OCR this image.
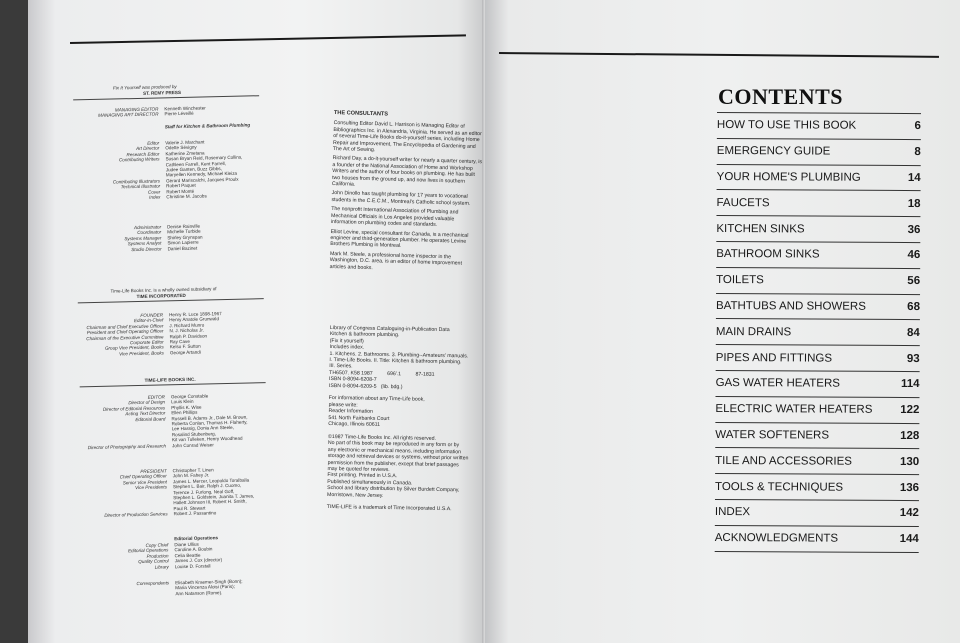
Fix It Yourself was produced by
ST. REMY PRESS
MANAGING EDITOR	Kenneth Winchester
MANAGING ART DIRECTOR	Pierre Léveillé
Staff for Kitchen & Bathroom Plumbing
Editor	Valerie J. Marchant
Art Director	Odette Sévigny
Research Editor	Katherine Zmetana
Contributing Writers	Susan Bryan Reid, Rosemary Collins,
Cathleen Farrell, Kent Farrell,
Judee Ganten, Buzz Gibbs,
Maryellen Kennedy, Michael Kleiza
Contributing Illustrators	Gérard Mariscalchi, Jacques Proulx
Technical Illustrator	Robert Paquet
Cover	Robert Monté
Index	Christine M. Jacobs
Administrator	Denise Rainville
Coordinator	Michelle Turbide
Systems Manager	Shirley Grynspan
Systems Analyst	Simon Lapierre
Studio Director	Daniel Bazinet
Time-Life Books Inc. is a wholly owned subsidiary of
TIME INCORPORATED
FOUNDER	Henry R. Luce 1898-1967
Editor-in-Chief	Henry Anatole Grunwald
Chairman and Chief Executive Officer	J. Richard Munro
President and Chief Operating Officer	N. J. Nicholas Jr.
Chairman of the Executive Committee	Ralph P. Davidson
Corporate Editor	Ray Cave
Group Vice President, Books	Kelso F. Sutton
Vice President, Books	George Artandi
TIME-LIFE BOOKS INC.
EDITOR	George Constable
Director of Design	Louis Klein
Director of Editorial Resources	Phyllis K. Wise
Acting Text Director	Ellen Phillips
Editorial Board	Russell B. Adams Jr., Dale M. Brown,
Roberta Conlan, Thomas H. Flaherty,
Lee Hassig, Donia Ann Steele,
Rosalind Stubenberg,
Kit van Tulleken, Henry Woodhead
Director of Photography and Research	John Conrad Weiser
PRESIDENT	Christopher T. Linen
Chief Operating Officer	John M. Fahey Jr.
Senior Vice President	James L. Mercer, Leopoldo Toralballa
Vice Presidents	Stephen L. Bair, Ralph J. Cuomo,
Terence J. Furlong, Neal Goff,
Stephen L. Goldstein, Juanita T. James,
Hallett Johnson III, Robert H. Smith,
Paul R. Stewart
Director of Production Services	Robert J. Passantino
Editorial Operations
Copy Chief	Diane Ullius
Editorial Operations	Caroline A. Boubin
Production	Celia Beattie
Quality Control	James J. Cox (director)
Library	Louise D. Forstall
Correspondents	Elisabeth Kraemer-Singh (Bonn);
Maria Vincenza Aloisi (Paris);
Ann Natanson (Rome).

THE CONSULTANTS

Consulting Editor David L. Harrison is Managing Editor of Bibliographics Inc. in Alexandria, Virginia. He served as an editor of several Time-Life Books do-it-yourself series, including Home Repair and Improvement, The Encyclopedia of Gardening and The Art of Sewing.

Richard Day, a do-it-yourself writer for nearly a quarter century, is a founder of the National Association of Home and Workshop Writers and the author of four books on plumbing. He has built two houses from the ground up, and now lives in southern California.

John Dinollo has taught plumbing for 17 years to vocational students in the C.E.C.M., Montreal's Catholic school system.

The nonprofit International Association of Plumbing and Mechanical Officials in Los Angeles provided valuable information on plumbing codes and standards.

Elliot Levine, special consultant for Canada, is a mechanical engineer and third-generation plumber. He operates Levine Brothers Plumbing in Montreal.

Mark M. Steele, a professional home inspector in the Washington, D.C. area, is an editor of home improvement articles and books.

Library of Congress Cataloguing-in-Publication Data
Kitchen & bathroom plumbing.
(Fix it yourself)
Includes index.
1. Kitchens. 2. Bathrooms. 3. Plumbing--Amateurs' manuals.
I. Time-Life Books. II. Title: Kitchen & bathroom plumbing.
III. Series.
TH6507. K58 1987          696'.1          87-1831
ISBN 0-8094-6208-7
ISBN 0-8094-6209-5   (lib. bdg.)
For information about any Time-Life book,
please write:
Reader Information
541 North Fairbanks Court
Chicago, Illinois 60611
©1987 Time-Life Books Inc. All rights reserved.
No part of this book may be reproduced in any form or by
any electronic or mechanical means, including information
storage and retrieval devices or systems, without prior written
permission from the publisher, except that brief passages
may be quoted for reviews.
First printing. Printed in U.S.A.
Published simultaneously in Canada.
School and library distribution by Silver Burdett Company,
Morristown, New Jersey.
TIME-LIFE is a trademark of Time Incorporated U.S.A.
CONTENTS
HOW TO USE THIS BOOK	6
EMERGENCY GUIDE	8
YOUR HOME'S PLUMBING	14
FAUCETS	18
KITCHEN SINKS	36
BATHROOM SINKS	46
TOILETS	56
BATHTUBS AND SHOWERS	68
MAIN DRAINS	84
PIPES AND FITTINGS	93
GAS WATER HEATERS	114
ELECTRIC WATER HEATERS 122
WATER SOFTENERS	128
TILE AND ACCESSORIES	130
TOOLS & TECHNIQUES	136
INDEX	142
ACKNOWLEDGMENTS	144
